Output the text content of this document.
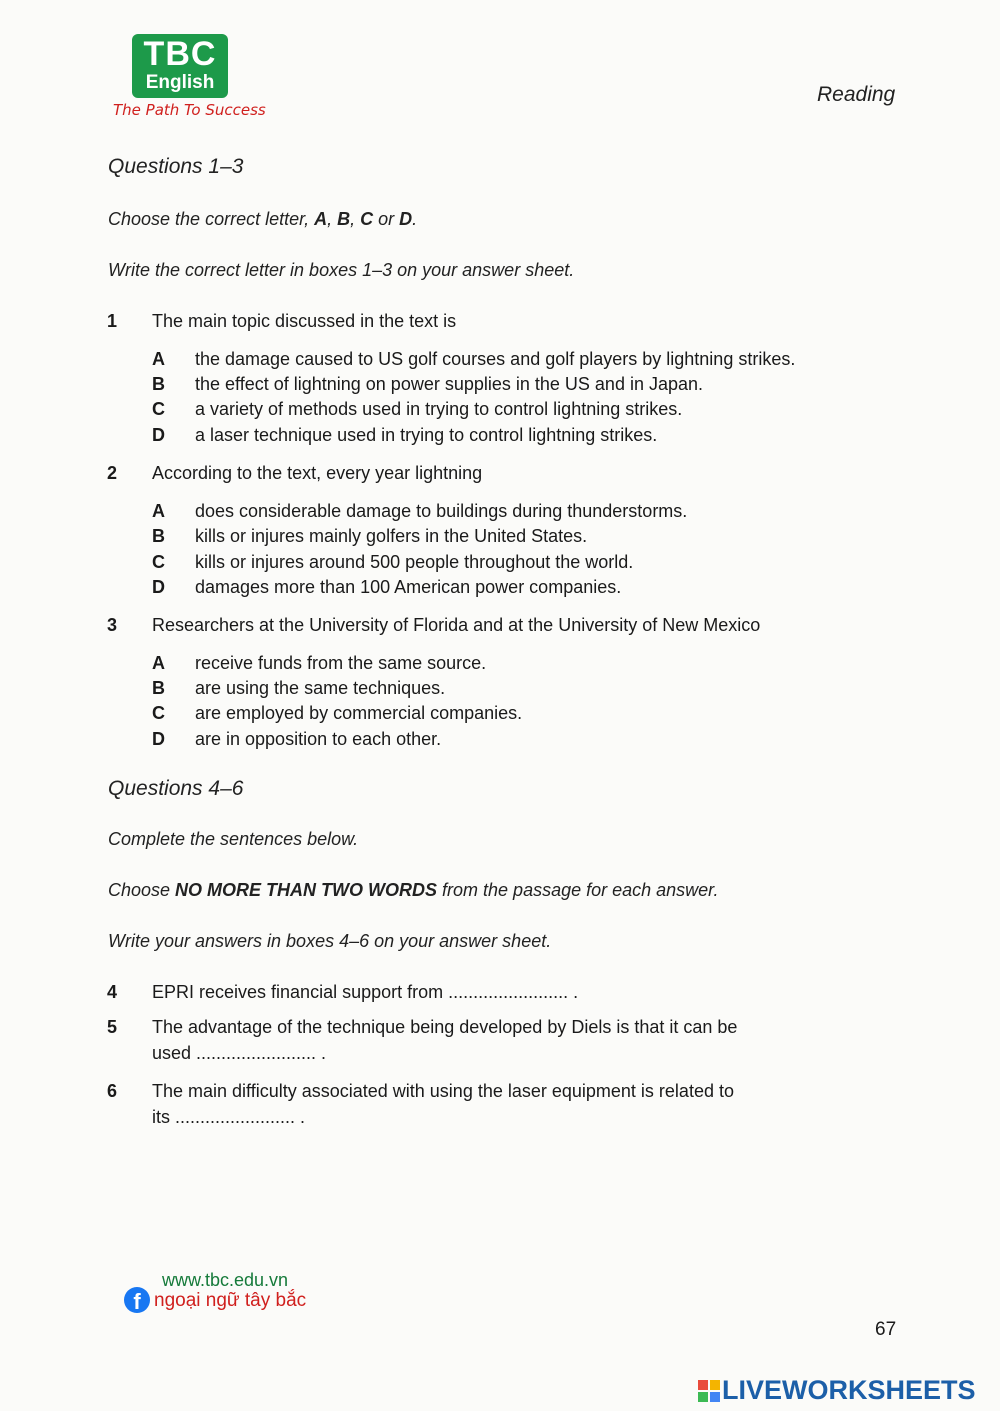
TBC
English
The Path To Success
Reading
Questions 1–3
Choose the correct letter, A, B, C or D.
Write the correct letter in boxes 1–3 on your answer sheet.
1 The main topic discussed in the text is
A the damage caused to US golf courses and golf players by lightning strikes.
B the effect of lightning on power supplies in the US and in Japan.
C a variety of methods used in trying to control lightning strikes.
D a laser technique used in trying to control lightning strikes.
2 According to the text, every year lightning
A does considerable damage to buildings during thunderstorms.
B kills or injures mainly golfers in the United States.
C kills or injures around 500 people throughout the world.
D damages more than 100 American power companies.
3 Researchers at the University of Florida and at the University of New Mexico
A receive funds from the same source.
B are using the same techniques.
C are employed by commercial companies.
D are in opposition to each other.
Questions 4–6
Complete the sentences below.
Choose NO MORE THAN TWO WORDS from the passage for each answer.
Write your answers in boxes 4–6 on your answer sheet.
4 EPRI receives financial support from ........................ .
5 The advantage of the technique being developed by Diels is that it can be
used ........................ .
6 The main difficulty associated with using the laser equipment is related to
its ........................ .
www.tbc.edu.vn
f ngoại ngữ tây bắc
67
LIVEWORKSHEETS
